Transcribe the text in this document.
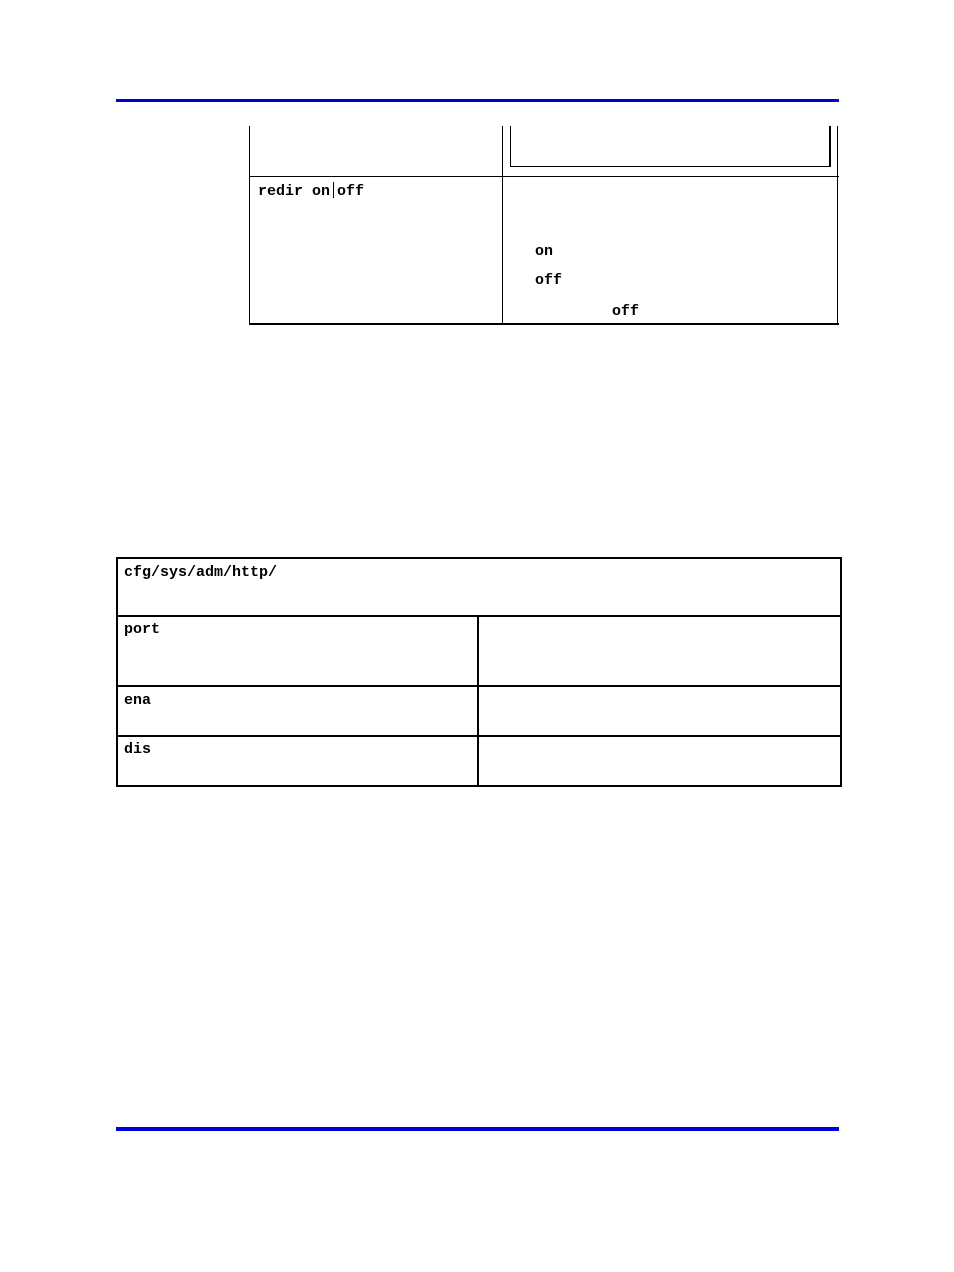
redir on off
on
off
off
cfg/sys/adm/http/
port
ena
dis
